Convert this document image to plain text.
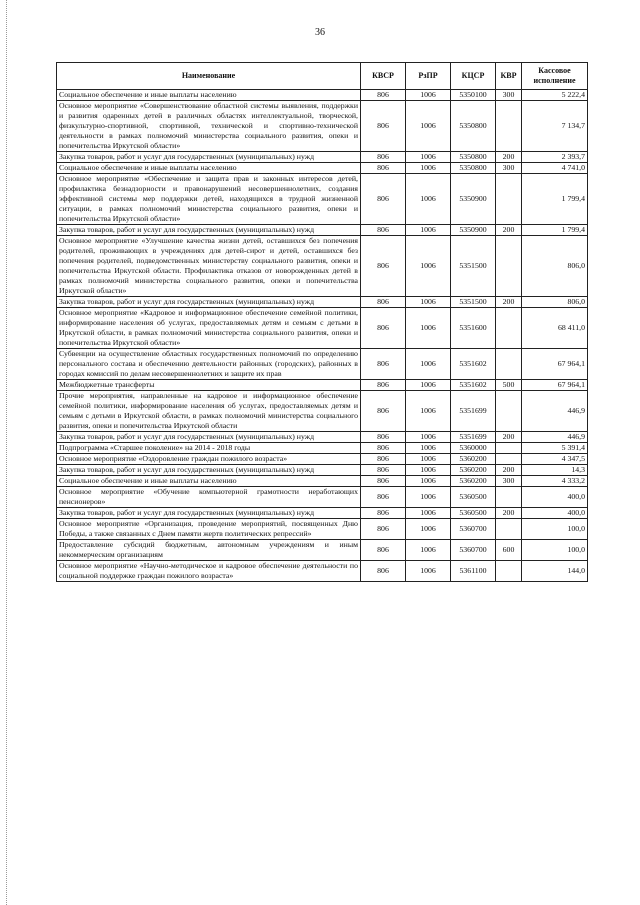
36
Наименование	КВСР	РзПР	КЦСР	КВР	Кассовое исполнение
Социальное обеспечение и иные выплаты населению	806	1006	5350100	300	5 222,4
Основное мероприятие «Совершенствование областной системы выявления, поддержки и развития одаренных детей в различных областях интеллектуальной, творческой, физкультурно-спортивной, спортивной, технической и спортивно-технической деятельности в рамках полномочий министерства социального развития, опеки и попечительства Иркутской области»	806	1006	5350800		7 134,7
Закупка товаров, работ и услуг для государственных (муниципальных) нужд	806	1006	5350800	200	2 393,7
Социальное обеспечение и иные выплаты населению	806	1006	5350800	300	4 741,0
Основное мероприятие «Обеспечение и защита прав и законных интересов детей, профилактика безнадзорности и правонарушений несовершеннолетних, создания эффективной системы мер поддержки детей, находящихся в трудной жизненной ситуации, в рамках полномочий министерства социального развития, опеки и попечительства Иркутской области»	806	1006	5350900		1 799,4
Закупка товаров, работ и услуг для государственных (муниципальных) нужд	806	1006	5350900	200	1 799,4
Основное мероприятие «Улучшение качества жизни детей, оставшихся без попечения родителей, проживающих в учреждениях для детей-сирот и детей, оставшихся без попечения родителей, подведомственных министерству социального развития, опеки и попечительства Иркутской области. Профилактика отказов от новорожденных детей в рамках полномочий министерства социального развития, опеки и попечительства Иркутской области»	806	1006	5351500		806,0
Закупка товаров, работ и услуг для государственных (муниципальных) нужд	806	1006	5351500	200	806,0
Основное мероприятие «Кадровое и информационное обеспечение семейной политики, информирование населения об услугах, предоставляемых детям и семьям с детьми в Иркутской области, в рамках полномочий министерства социального развития, опеки и попечительства Иркутской области»	806	1006	5351600		68 411,0
Субвенции на осуществление областных государственных полномочий по определению персонального состава и обеспечению деятельности районных (городских), районных в городах комиссий по делам несовершеннолетних и защите их прав	806	1006	5351602		67 964,1
Межбюджетные трансферты	806	1006	5351602	500	67 964,1
Прочие мероприятия, направленные на кадровое и информационное обеспечение семейной политики, информирование населения об услугах, предоставляемых детям и семьям с детьми в Иркутской области, в рамках полномочий министерства социального развития, опеки и попечительства Иркутской области	806	1006	5351699		446,9
Закупка товаров, работ и услуг для государственных (муниципальных) нужд	806	1006	5351699	200	446,9
Подпрограмма «Старшее поколение» на 2014 - 2018 годы	806	1006	5360000		5 391,4
Основное мероприятие «Оздоровление граждан пожилого возраста»	806	1006	5360200		4 347,5
Закупка товаров, работ и услуг для государственных (муниципальных) нужд	806	1006	5360200	200	14,3
Социальное обеспечение и иные выплаты населению	806	1006	5360200	300	4 333,2
Основное мероприятие «Обучение компьютерной грамотности неработающих пенсионеров»	806	1006	5360500		400,0
Закупка товаров, работ и услуг для государственных (муниципальных) нужд	806	1006	5360500	200	400,0
Основное мероприятие «Организация, проведение мероприятий, посвященных Дню Победы, а также связанных с Днем памяти жертв политических репрессий»	806	1006	5360700		100,0
Предоставление субсидий бюджетным, автономным учреждениям и иным некоммерческим организациям	806	1006	5360700	600	100,0
Основное мероприятие «Научно-методическое и кадровое обеспечение деятельности по социальной поддержке граждан пожилого возраста»	806	1006	5361100		144,0
